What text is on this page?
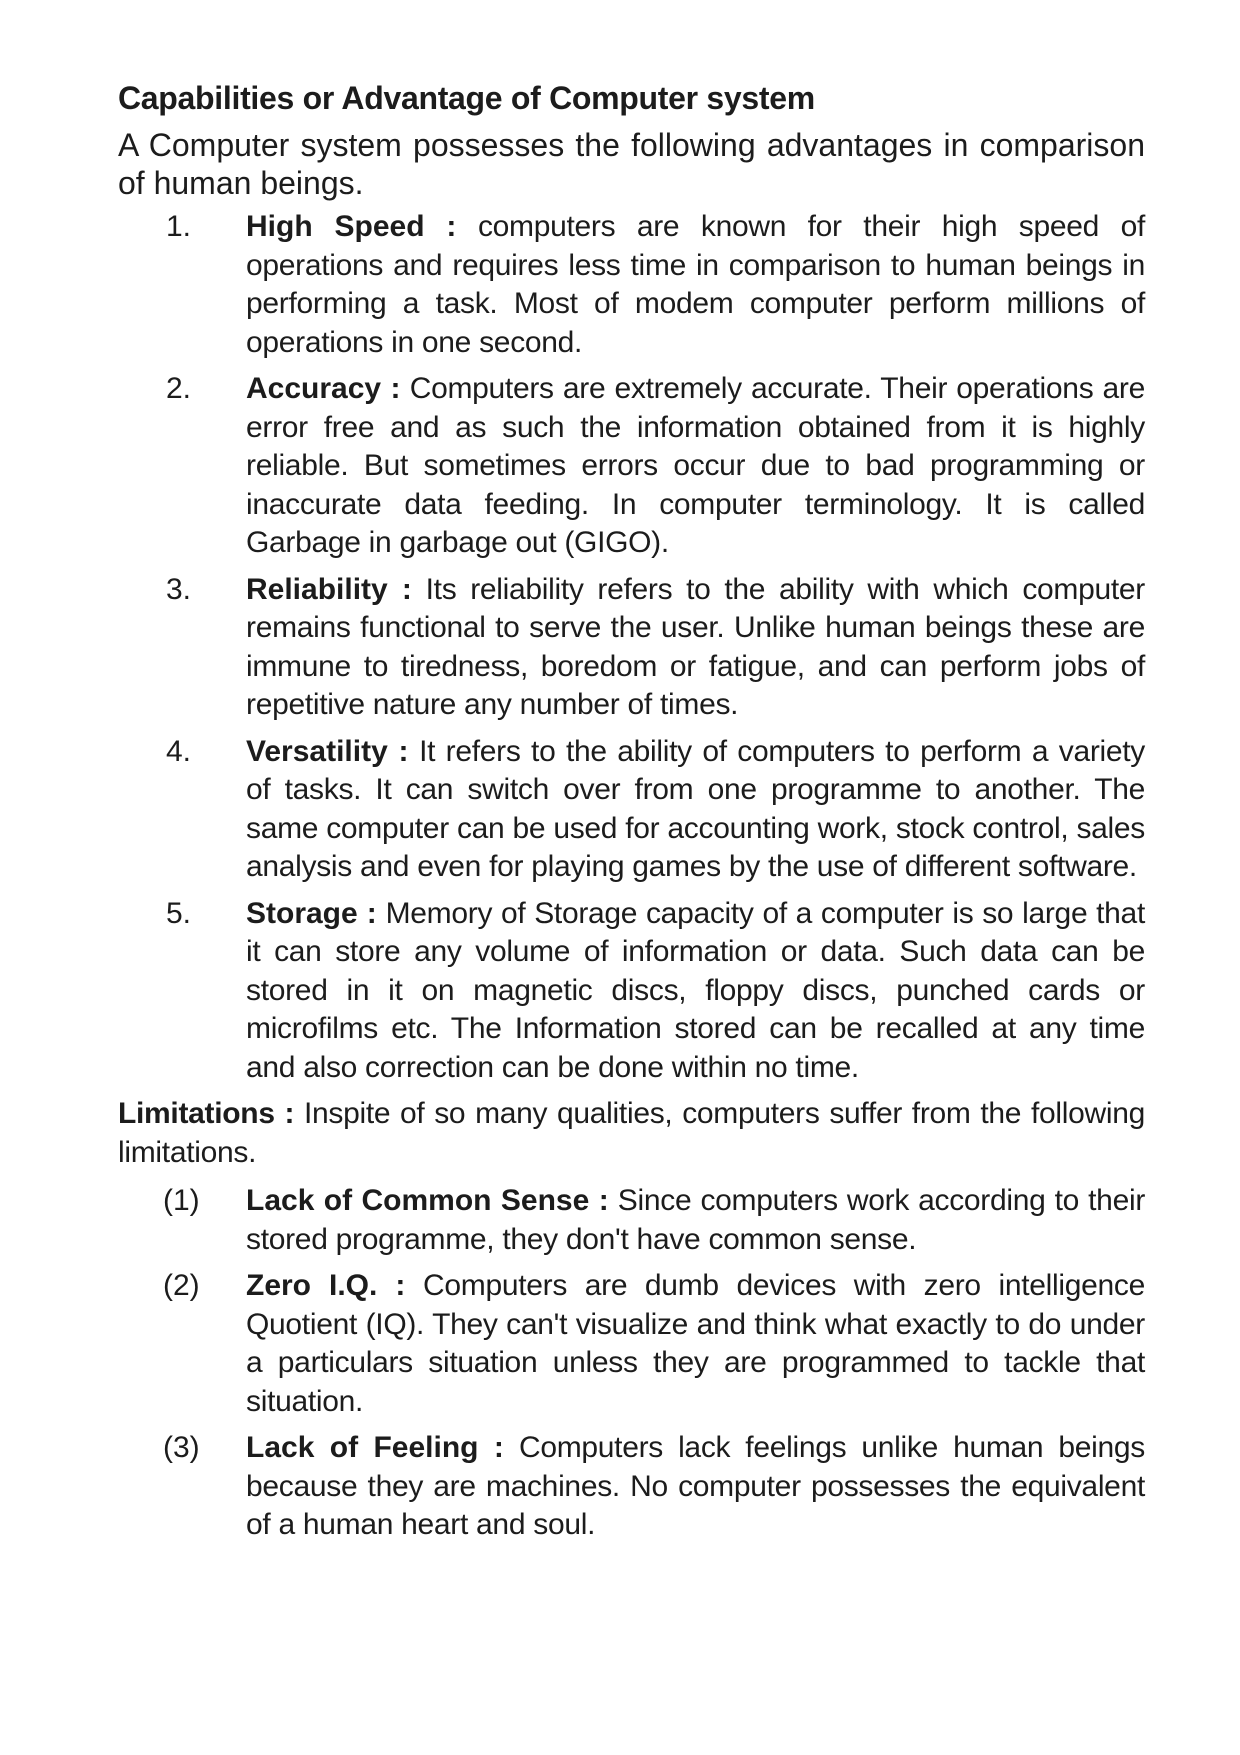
Capabilities or Advantage of Computer system
A Computer system possesses the following advantages in comparison of human beings.
1.	High Speed : computers are known for their high speed of operations and requires less time in comparison to human beings in performing a task. Most of modem computer perform millions of operations in one second.
2.	Accuracy : Computers are extremely accurate. Their operations are error free and as such the information obtained from it is highly reliable. But sometimes errors occur due to bad programming or inaccurate data feeding. In computer terminology. It is called Garbage in garbage out (GIGO).
3.	Reliability : Its reliability refers to the ability with which computer remains functional to serve the user. Unlike human beings these are immune to tiredness, boredom or fatigue, and can perform jobs of repetitive nature any number of times.
4.	Versatility : It refers to the ability of computers to perform a variety of tasks. It can switch over from one programme to another. The same computer can be used for accounting work, stock control, sales analysis and even for playing games by the use of different software.
5.	Storage : Memory of Storage capacity of a computer is so large that it can store any volume of information or data. Such data can be stored in it on magnetic discs, floppy discs, punched cards or microfilms etc. The Information stored can be recalled at any time and also correction can be done within no time.
Limitations : Inspite of so many qualities, computers suffer from the following limitations.
(1)	Lack of Common Sense : Since computers work according to their stored programme, they don't have common sense.
(2)	Zero I.Q. : Computers are dumb devices with zero intelligence Quotient (IQ). They can't visualize and think what exactly to do under a particulars situation unless they are programmed to tackle that situation.
(3)	Lack of Feeling : Computers lack feelings unlike human beings because they are machines. No computer possesses the equivalent of a human heart and soul.
